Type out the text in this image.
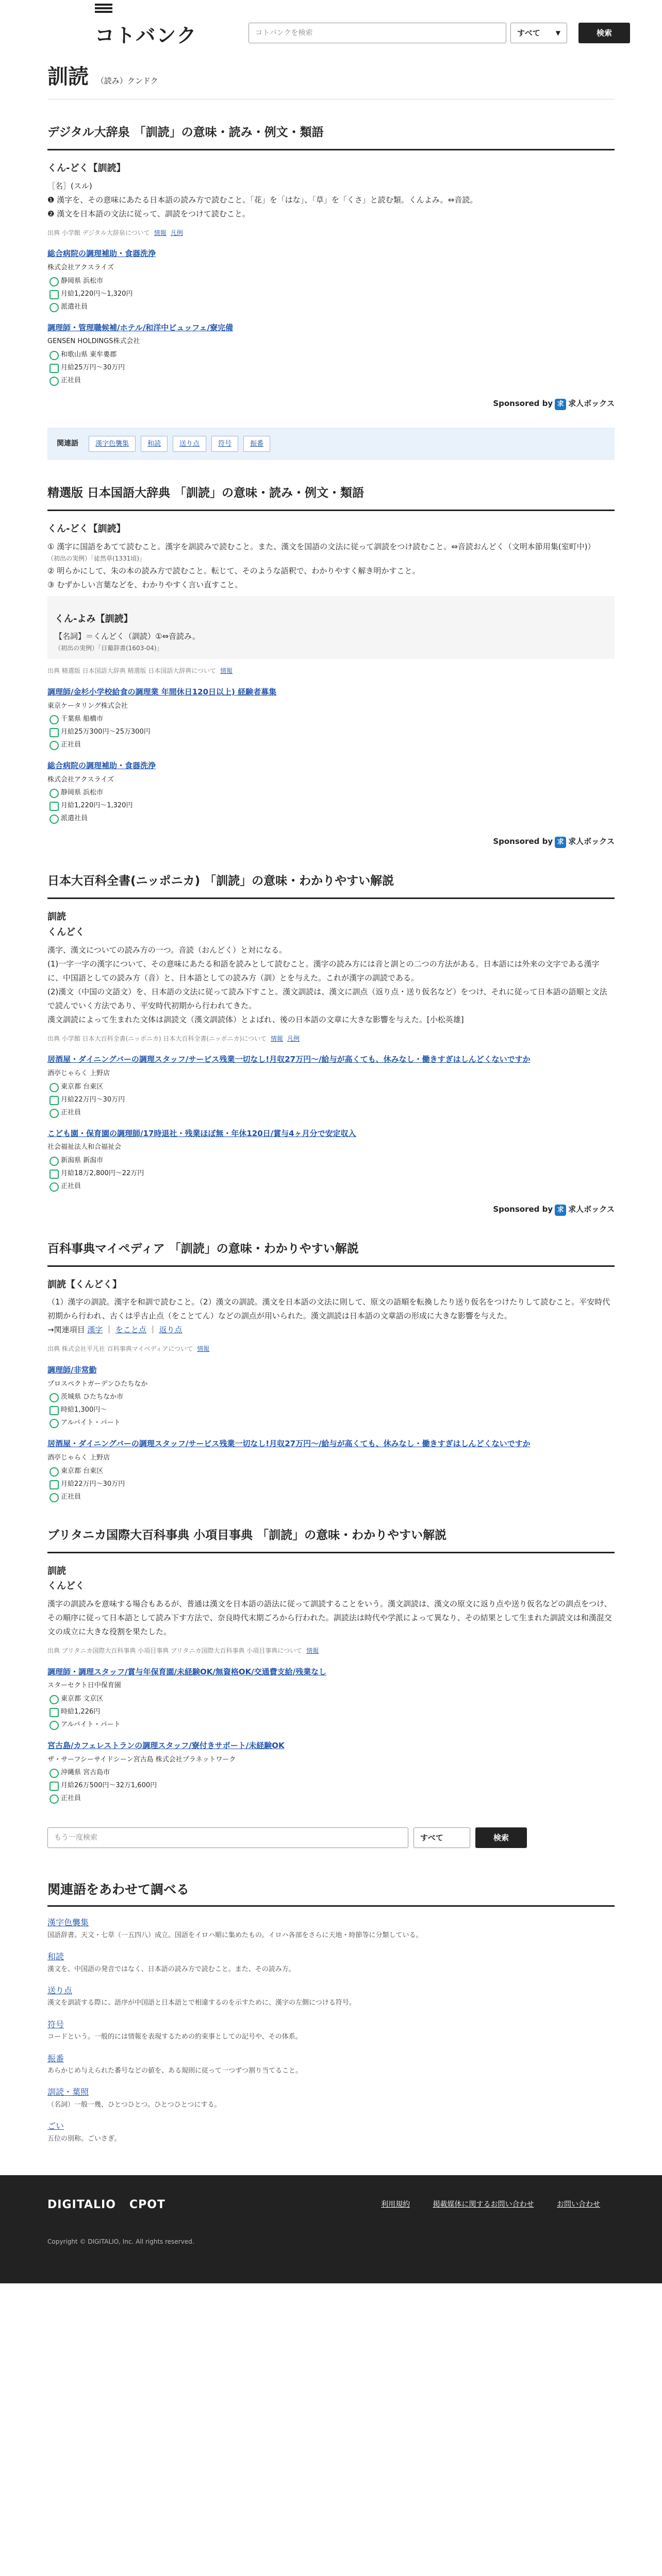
コトバンク	コトバンクを検索	すべて	▼	検索
訓読 （読み）クンドク
デジタル大辞泉 「訓読」の意味・読み・例文・類語
くん‐どく【訓読】

［名］(スル)

❶ 漢字を、その意味にあたる日本語の読み方で読むこと。「花」を「はな」、「草」を「くさ」と読む類。くんよみ。⇔音読。

❷ 漢文を日本語の文法に従って、訓読をつけて読むこと。

出典 小学館 デジタル大辞泉について 情報 凡例

総合病院の調理補助・食器洗浄
株式会社アクスライズ
静岡県 浜松市
月給1,220円〜1,320円
派遣社員
調理師・管理職候補/ホテル/和洋中ビュッフェ/寮完備
GENSEN HOLDINGS株式会社
和歌山県 東牟婁郡
月給25万円〜30万円
正社員
Sponsored by 求 求人ボックス
関連語	漢字色襲集	和読	送り点	符号	振番
精選版 日本国語大辞典 「訓読」の意味・読み・例文・類語
くん‐どく【訓読】

① 漢字に国語をあてて読むこと。漢字を訓読みで読むこと。また、漢文を国語の文法に従って訓読をつけ読むこと。⇔音読おんどく（文明本節用集(室町中)）

（初出の実例）「徒然草(1331頃)」

② 明らかにして、朱の本の読み方で読むこと。転じて、そのような語釈で、わかりやすく解き明かすこと。

③ むずかしい言葉などを、わかりやすく言い直すこと。

くん‐よみ【訓読】

【名詞】＝くんどく（訓読）①⇔音読み。

（初出の実例）「日葡辞書(1603‐04)」

出典 精選版 日本国語大辞典 精選版 日本国語大辞典について 情報

調理師/金杉小学校給食の調理業 年間休日120日以上) 経験者募集
東京ケータリング株式会社
千葉県 船橋市
月給25万300円〜25万300円
正社員
総合病院の調理補助・食器洗浄
株式会社アクスライズ
静岡県 浜松市
月給1,220円〜1,320円
派遣社員
Sponsored by 求 求人ボックス
日本大百科全書(ニッポニカ) 「訓読」の意味・わかりやすい解説
訓読
くんどく

漢字、漢文についての読み方の一つ。音読（おんどく）と対になる。

(1)一字一字の漢字について、その意味にあたる和語を読みとして読むこと。漢字の読み方には音と訓との二つの方法がある。日本語には外来の文字である漢字に、中国語としての読み方（音）と、日本語としての読み方（訓）とを与えた。これが漢字の訓読である。

(2)漢文（中国の文語文）を、日本語の文法に従って読み下すこと。漢文訓読は、漢文に訓点（返り点・送り仮名など）をつけ、それに従って日本語の語順と文法で読んでいく方法であり、平安時代初期から行われてきた。

漢文訓読によって生まれた文体は訓読文（漢文訓読体）とよばれ、後の日本語の文章に大きな影響を与えた。[小松英雄]

出典 小学館 日本大百科全書(ニッポニカ) 日本大百科全書(ニッポニカ)について 情報 凡例

居酒屋・ダイニングバーの調理スタッフ/サービス残業一切なし!月収27万円〜/給与が高くても、休みなし・働きすぎはしんどくないですか
酒亭じゃらく 上野店
東京都 台東区
月給22万円〜30万円
正社員
こども園・保育園の調理師/17時退社・残業ほぼ無・年休120日/賞与4ヶ月分で安定収入
社会福祉法人和合福祉会
新潟県 新潟市
月給18万2,800円〜22万円
正社員
Sponsored by 求 求人ボックス
百科事典マイペディア 「訓読」の意味・わかりやすい解説
訓読【くんどく】

（1）漢字の訓読。漢字を和訓で読むこと。（2）漢文の訓読。漢文を日本語の文法に則して、原文の語順を転換したり送り仮名をつけたりして読むこと。平安時代初期から行われ、古くは乎古止点（をことてん）などの訓点が用いられた。漢文訓読は日本語の文章語の形成に大きな影響を与えた。

→関連項目 漢字 ｜ をこと点 ｜ 返り点

出典 株式会社平凡社 百科事典マイペディアについて 情報

調理師/非常勤
プロスペクトガーデンひたちなか
茨城県 ひたちなか市
時給1,300円〜
アルバイト・パート
居酒屋・ダイニングバーの調理スタッフ/サービス残業一切なし!月収27万円〜/給与が高くても、休みなし・働きすぎはしんどくないですか
酒亭じゃらく 上野店
東京都 台東区
月給22万円〜30万円
正社員
ブリタニカ国際大百科事典 小項目事典 「訓読」の意味・わかりやすい解説
訓読
くんどく

漢字の訓読みを意味する場合もあるが、普通は漢文を日本語の語法に従って訓読することをいう。漢文訓読は、漢文の原文に返り点や送り仮名などの訓点をつけ、その順序に従って日本語として読み下す方法で、奈良時代末期ごろから行われた。訓読法は時代や学派によって異なり、その結果として生まれた訓読文は和漢混交文の成立に大きな役割を果たした。

出典 ブリタニカ国際大百科事典 小項目事典 ブリタニカ国際大百科事典 小項目事典について 情報

調理師・調理スタッフ/賞与年保育園/未経験OK/無資格OK/交通費支給/残業なし
スターセクト日中保育園
東京都 文京区
時給1,226円
アルバイト・パート
宮古島/カフェレストランの調理スタッフ/寮付きサポート/未経験OK
ザ・サーフシーサイドシーン宮古島 株式会社プラネットワーク
沖縄県 宮古島市
月給26万500円〜32万1,600円
正社員
もう一度検索	すべて	検索
関連語をあわせて調べる
漢字色襲集

国語辞書。天文・七草（一五四八）成立。国語をイロハ順に集めたもの。イロハ各部をさらに天地・時節等に分類している。

和読

漢文を、中国語の発音ではなく、日本語の読み方で読むこと。また、その読み方。

送り点

漢文を訓読する際に、語序が中国語と日本語とで相違するのを示すために、漢字の左側につける符号。

符号

コードという。一般的には情報を表現するための約束事としての記号や、その体系。

振番

あらかじめ与えられた番号などの値を、ある規則に従って一つずつ割り当てること。

訓読・葉照

（名詞）一般一幾、ひとつひとつ。ひとつひとつにする。

ごい

五位の別称。ごいさぎ。

DIGITALIO CPOT	利用規約	掲載媒体に関するお問い合わせ	お問い合わせ
Copyright © DIGITALIO, Inc. All rights reserved.
